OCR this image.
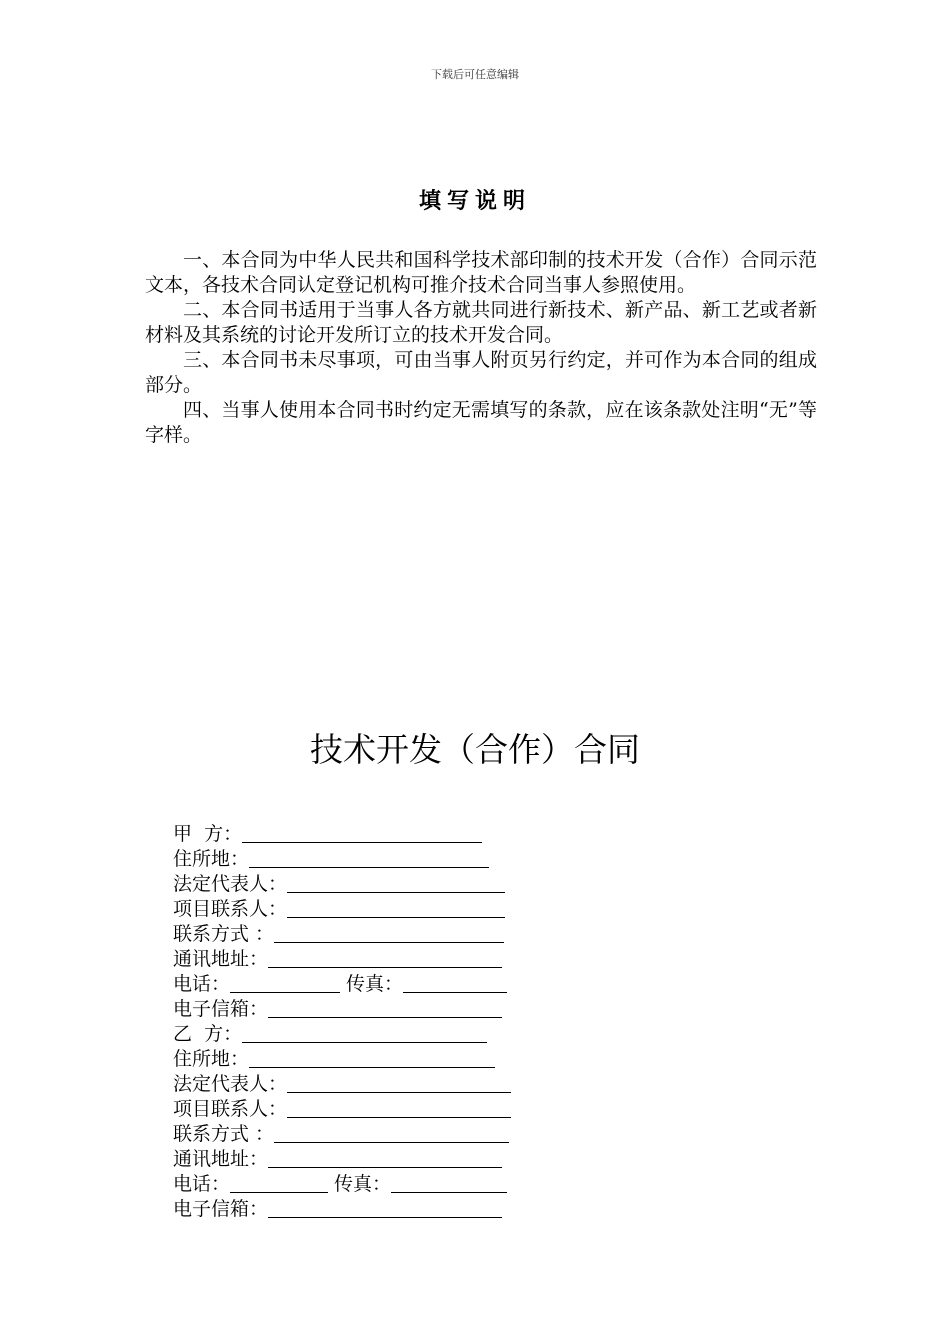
下载后可任意编辑
填写说明

一、本合同为中华人民共和国科学技术部印制的技术开发（合作）合同示范文本，各技术合同认定登记机构可推介技术合同当事人参照使用。

二、本合同书适用于当事人各方就共同进行新技术、新产品、新工艺或者新材料及其系统的讨论开发所订立的技术开发合同。

三、本合同书未尽事项，可由当事人附页另行约定，并可作为本合同的组成部分。

四、当事人使用本合同书时约定无需填写的条款，应在该条款处注明“无”等字样。

技术开发（合作）合同
甲  方：
住所地：
法定代表人：
项目联系人：
联系方式 ：
通讯地址：
电话：	传真：
电子信箱：
乙  方：
住所地：
法定代表人：
项目联系人：
联系方式 ：
通讯地址：
电话：	传真：
电子信箱：
